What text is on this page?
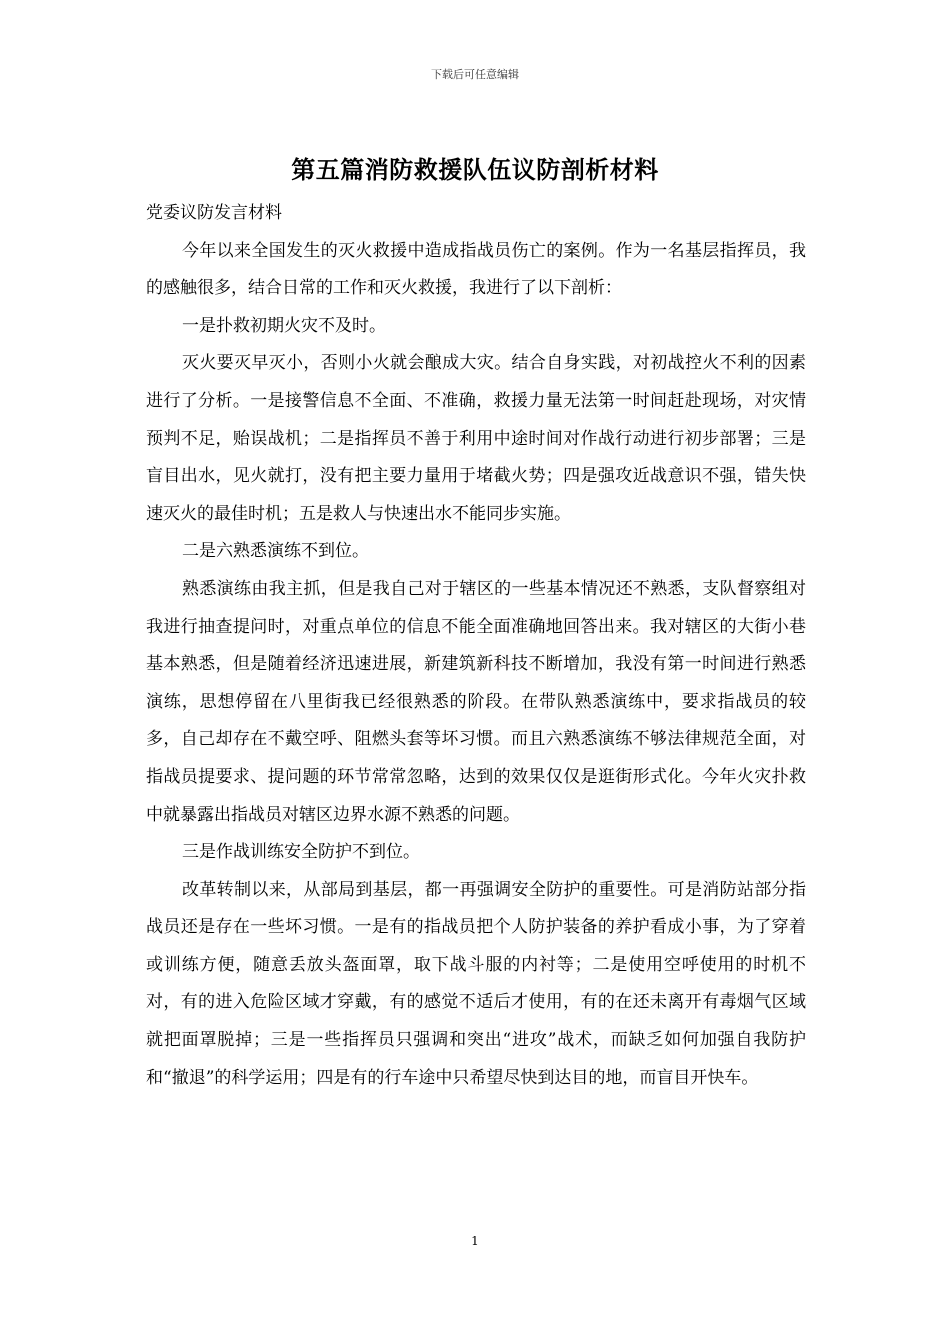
下载后可任意编辑
第五篇消防救援队伍议防剖析材料

党委议防发言材料

今年以来全国发生的灭火救援中造成指战员伤亡的案例。作为一名基层指挥员，我的感触很多，结合日常的工作和灭火救援，我进行了以下剖析：

一是扑救初期火灾不及时。

灭火要灭早灭小，否则小火就会酿成大灾。结合自身实践，对初战控火不利的因素进行了分析。一是接警信息不全面、不准确，救援力量无法第一时间赶赴现场，对灾情预判不足，贻误战机；二是指挥员不善于利用中途时间对作战行动进行初步部署；三是盲目出水，见火就打，没有把主要力量用于堵截火势；四是强攻近战意识不强，错失快速灭火的最佳时机；五是救人与快速出水不能同步实施。

二是六熟悉演练不到位。

熟悉演练由我主抓，但是我自己对于辖区的一些基本情况还不熟悉，支队督察组对我进行抽查提问时，对重点单位的信息不能全面准确地回答出来。我对辖区的大街小巷基本熟悉，但是随着经济迅速进展，新建筑新科技不断增加，我没有第一时间进行熟悉演练，思想停留在八里街我已经很熟悉的阶段。在带队熟悉演练中，要求指战员的较多，自己却存在不戴空呼、阻燃头套等坏习惯。而且六熟悉演练不够法律规范全面，对指战员提要求、提问题的环节常常忽略，达到的效果仅仅是逛街形式化。今年火灾扑救中就暴露出指战员对辖区边界水源不熟悉的问题。

三是作战训练安全防护不到位。

改革转制以来，从部局到基层，都一再强调安全防护的重要性。可是消防站部分指战员还是存在一些坏习惯。一是有的指战员把个人防护装备的养护看成小事，为了穿着或训练方便，随意丢放头盔面罩，取下战斗服的内衬等；二是使用空呼使用的时机不对，有的进入危险区域才穿戴，有的感觉不适后才使用，有的在还未离开有毒烟气区域就把面罩脱掉；三是一些指挥员只强调和突出“进攻”战术，而缺乏如何加强自我防护和“撤退”的科学运用；四是有的行车途中只希望尽快到达目的地，而盲目开快车。

1
